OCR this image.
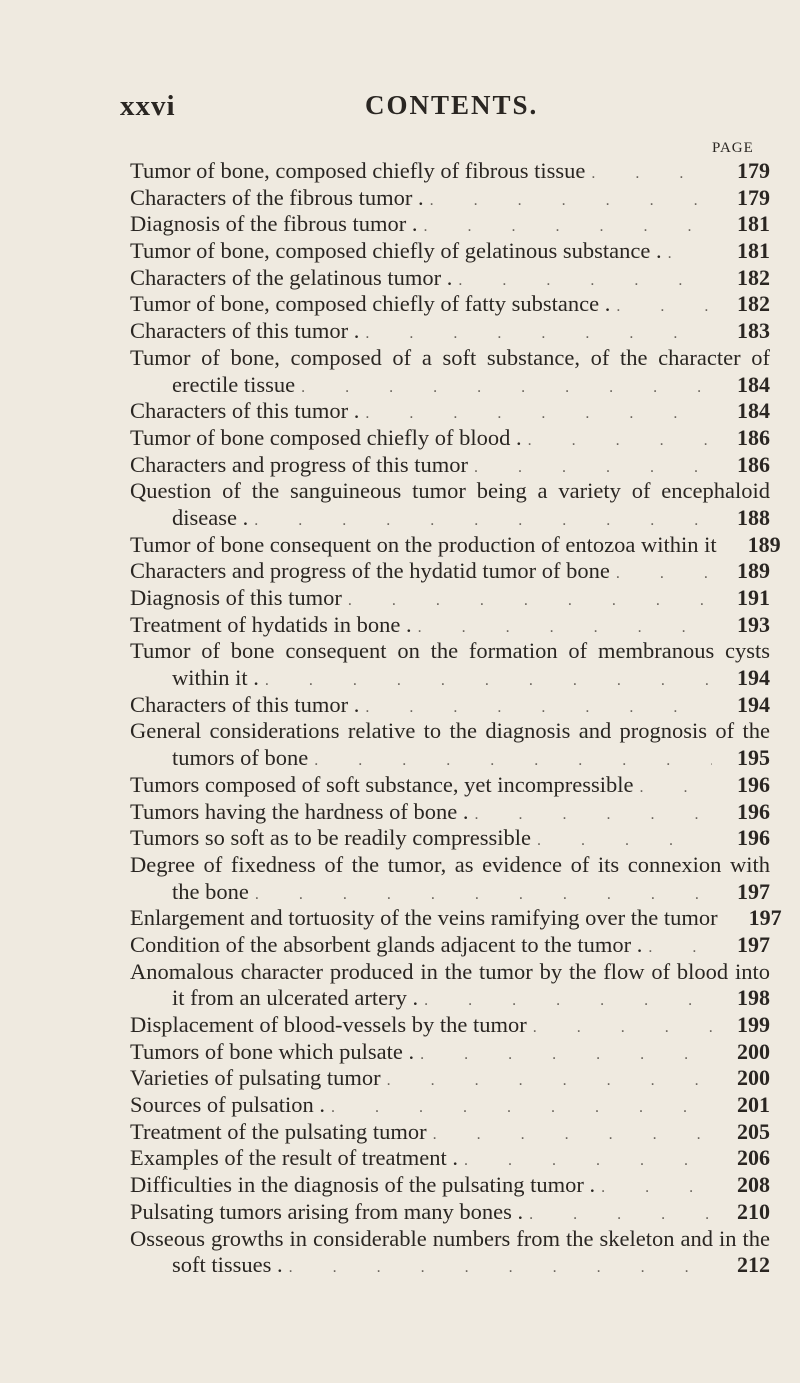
xxvi	CONTENTS.
PAGE
Tumor of bone, composed chiefly of fibrous tissue . . .	179
Characters of the fibrous tumor . . . .	179
Diagnosis of the fibrous tumor . . . .	181
Tumor of bone, composed chiefly of gelatinous substance . . . .	181
Characters of the gelatinous tumor . . . .	182
Tumor of bone, composed chiefly of fatty substance . . . .	182
Characters of this tumor . . . .	183
Tumor of bone, composed of a soft substance, of the character of
erectile tissue . . .	184
Characters of this tumor . . . .	184
Tumor of bone composed chiefly of blood . . . .	186
Characters and progress of this tumor . . .	186
Question of the sanguineous tumor being a variety of encephaloid
disease . . . .	188
Tumor of bone consequent on the production of entozoa within it	189
Characters and progress of the hydatid tumor of bone . . .	189
Diagnosis of this tumor . . .	191
Treatment of hydatids in bone . . . .	193
Tumor of bone consequent on the formation of membranous cysts
within it . . . .	194
Characters of this tumor . . . .	194
General considerations relative to the diagnosis and prognosis of the
tumors of bone . . .	195
Tumors composed of soft substance, yet incompressible . . .	196
Tumors having the hardness of bone . . . .	196
Tumors so soft as to be readily compressible . . .	196
Degree of fixedness of the tumor, as evidence of its connexion with
the bone . . .	197
Enlargement and tortuosity of the veins ramifying over the tumor	197
Condition of the absorbent glands adjacent to the tumor . . . .	197
Anomalous character produced in the tumor by the flow of blood into
it from an ulcerated artery . . . .	198
Displacement of blood-vessels by the tumor . . .	199
Tumors of bone which pulsate . . . .	200
Varieties of pulsating tumor . . .	200
Sources of pulsation . . . .	201
Treatment of the pulsating tumor . . .	205
Examples of the result of treatment . . . .	206
Difficulties in the diagnosis of the pulsating tumor . . . .	208
Pulsating tumors arising from many bones . . . .	210
Osseous growths in considerable numbers from the skeleton and in the
soft tissues . . . .	212
